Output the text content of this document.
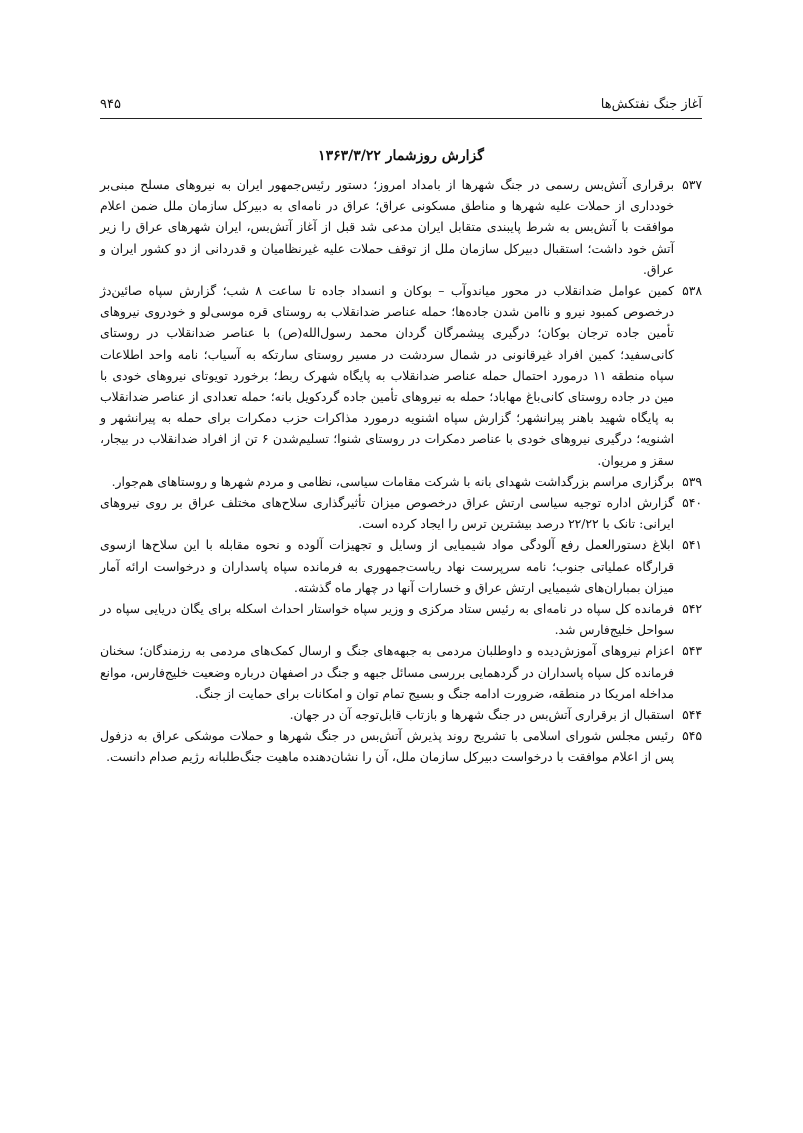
آغاز جنگ نفتکش‌ها
۹۴۵
گزارش روزشمار ۱۳۶۳/۳/۲۲

۵۳۷
برقراری آتش‌بس رسمی در جنگ شهرها از بامداد امروز؛ دستور رئیس‌جمهور ایران به نیروهای مسلح مبنی‌بر خودداری از حملات علیه شهرها و مناطق مسکونی عراق؛ عراق در نامه‌ای به دبیرکل سازمان ملل ضمن اعلام موافقت با آتش‌بس به شرط پایبندی متقابل ایران مدعی شد قبل از آغاز آتش‌بس، ایران شهرهای عراق را زیر آتش خود داشت؛ استقبال دبیرکل سازمان ملل از توقف حملات علیه غیرنظامیان و قدردانی از دو کشور ایران و عراق.

۵۳۸
کمین عوامل ضدانقلاب در محور میاندوآب – بوکان و انسداد جاده تا ساعت ۸ شب؛ گزارش سپاه صائین‌دژ درخصوص کمبود نیرو و ناامن شدن جاده‌ها؛ حمله عناصر ضدانقلاب به روستای قره موسی‌لو و خودروی نیروهای تأمین جاده ترجان بوکان؛ درگیری پیشمرگان گردان محمد رسول‌الله(ص) با عناصر ضدانقلاب در روستای کانی‌سفید؛ کمین افراد غیرقانونی در شمال سردشت در مسیر روستای سارتکه به آسیاب؛ نامه واحد اطلاعات سپاه منطقه ۱۱ درمورد احتمال حمله عناصر ضدانقلاب به پایگاه شهرک ربط؛ برخورد تویوتای نیروهای خودی با مین در جاده روستای کانی‌باغ مهاباد؛ حمله به نیروهای تأمین جاده گردکویل بانه؛ حمله تعدادی از عناصر ضدانقلاب به پایگاه شهید باهنر پیرانشهر؛ گزارش سپاه اشنویه درمورد مذاکرات حزب دمکرات برای حمله به پیرانشهر و اشنویه؛ درگیری نیروهای خودی با عناصر دمکرات در روستای شنوا؛ تسلیم‌شدن ۶ تن از افراد ضدانقلاب در بیجار، سقز و مریوان.

۵۳۹
برگزاری مراسم بزرگداشت شهدای بانه با شرکت مقامات سیاسی، نظامی و مردم شهرها و روستاهای هم‌جوار.

۵۴۰
گزارش اداره توجیه سیاسی ارتش عراق درخصوص میزان تأثیرگذاری سلاح‌های مختلف عراق بر روی نیروهای ایرانی: تانک با ۲۲/۲۲ درصد بیشترین ترس را ایجاد کرده است.

۵۴۱
ابلاغ دستورالعمل رفع آلودگی مواد شیمیایی از وسایل و تجهیزات آلوده و نحوه مقابله با این سلاح‌ها ازسوی قرارگاه عملیاتی جنوب؛ نامه سرپرست نهاد ریاست‌جمهوری به فرمانده سپاه پاسداران و درخواست ارائه آمار میزان بمباران‌های شیمیایی ارتش عراق و خسارات آنها در چهار ماه گذشته.

۵۴۲
فرمانده کل سپاه در نامه‌ای به رئیس ستاد مرکزی و وزیر سپاه خواستار احداث اسکله برای یگان دریایی سپاه در سواحل خلیج‌فارس شد.

۵۴۳
اعزام نیروهای آموزش‌دیده و داوطلبان مردمی به جبهه‌های جنگ و ارسال کمک‌های مردمی به رزمندگان؛ سخنان فرمانده کل سپاه پاسداران در گردهمایی بررسی مسائل جبهه و جنگ در اصفهان درباره وضعیت خلیج‌فارس، موانع مداخله امریکا در منطقه، ضرورت ادامه جنگ و بسیج تمام توان و امکانات برای حمایت از جنگ.

۵۴۴
استقبال از برقراری آتش‌بس در جنگ شهرها و بازتاب قابل‌توجه آن در جهان.

۵۴۵
رئیس مجلس شورای اسلامی با تشریح روند پذیرش آتش‌بس در جنگ شهرها و حملات موشکی عراق به دزفول پس از اعلام موافقت با درخواست دبیرکل سازمان ملل، آن را نشان‌دهنده ماهیت جنگ‌طلبانه رژیم صدام دانست.
